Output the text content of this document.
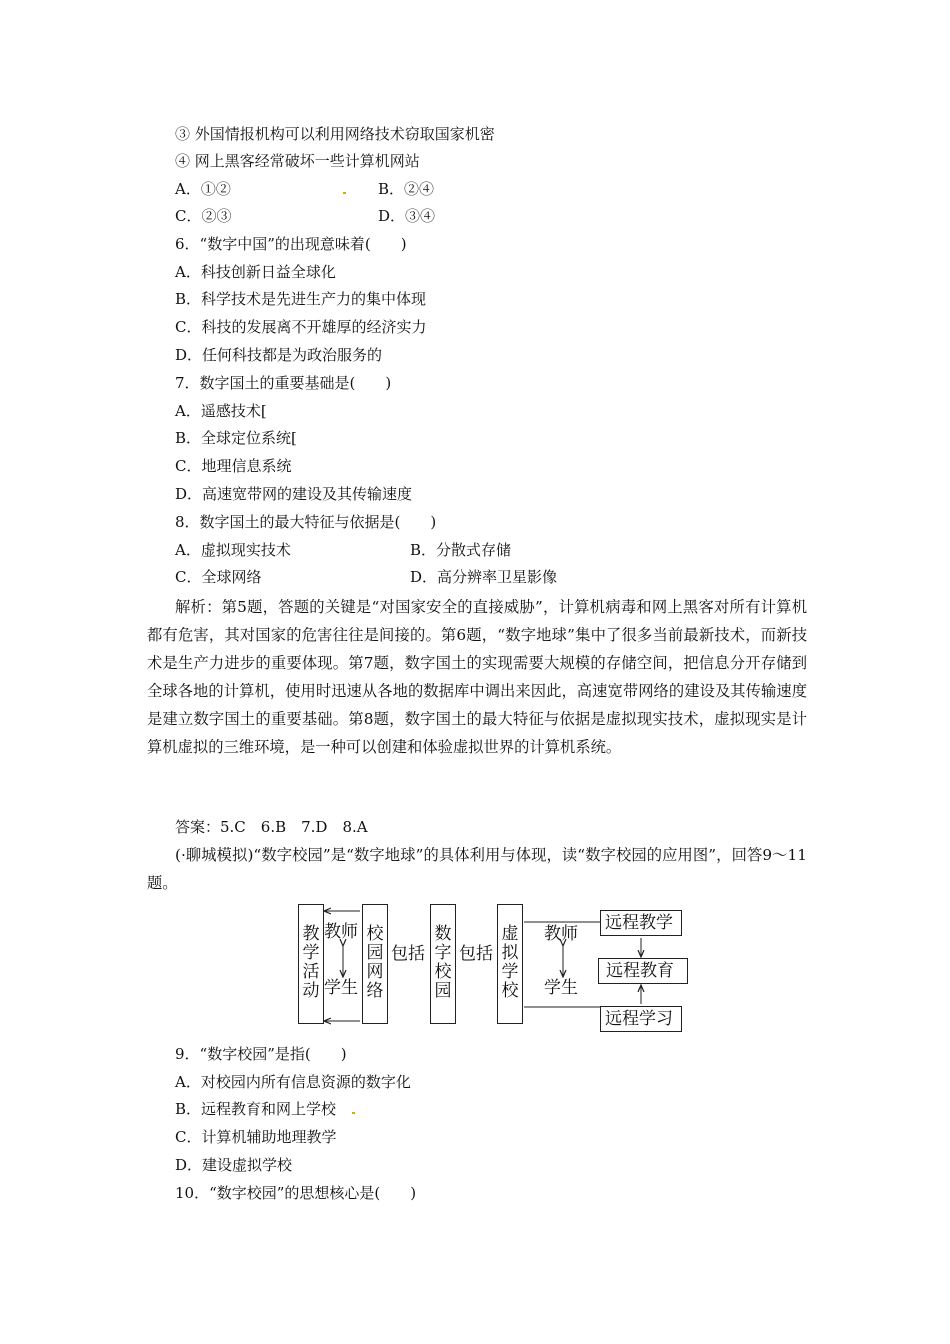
③ 外国情报机构可以利用网络技术窃取国家机密
④ 网上黑客经常破坏一些计算机网站
A．①②	B．②④
C．②③	D．③④
6．“数字中国”的出现意味着(　　)
A．科技创新日益全球化
B．科学技术是先进生产力的集中体现
C．科技的发展离不开雄厚的经济实力
D．任何科技都是为政治服务的
7．数字国土的重要基础是(　　)
A．遥感技术[
B．全球定位系统[
C．地理信息系统
D．高速宽带网的建设及其传输速度
8．数字国土的最大特征与依据是(　　)
A．虚拟现实技术	B．分散式存储
C．全球网络	D．高分辨率卫星影像
解析：第5题，答题的关键是“对国家安全的直接威胁”，计算机病毒和网上黑客对所有计算机都有危害，其对国家的危害往往是间接的。第6题，“数字地球”集中了很多当前最新技术，而新技术是生产力进步的重要体现。第7题，数字国土的实现需要大规模的存储空间，把信息分开存储到全球各地的计算机，使用时迅速从各地的数据库中调出来因此，高速宽带网络的建设及其传输速度是建立数字国土的重要基础。第8题，数字国土的最大特征与依据是虚拟现实技术，虚拟现实是计算机虚拟的三维环境，是一种可以创建和体验虚拟世界的计算机系统。
答案：5.C　6.B　7.D　8.A
(·聊城模拟)“数字校园”是“数字地球”的具体利用与体现，读“数字校园的应用图”，回答9～11题。
教
学
活
动
教师
学生
校
园
网
络
包括
数
字
校
园
包括
虚
拟
学
校
教师
学生
远程教学
远程教育
远程学习
9．“数字校园”是指(　　)
A．对校园内所有信息资源的数字化
B．远程教育和网上学校
C．计算机辅助地理教学
D．建设虚拟学校
10．“数字校园”的思想核心是(　　)
